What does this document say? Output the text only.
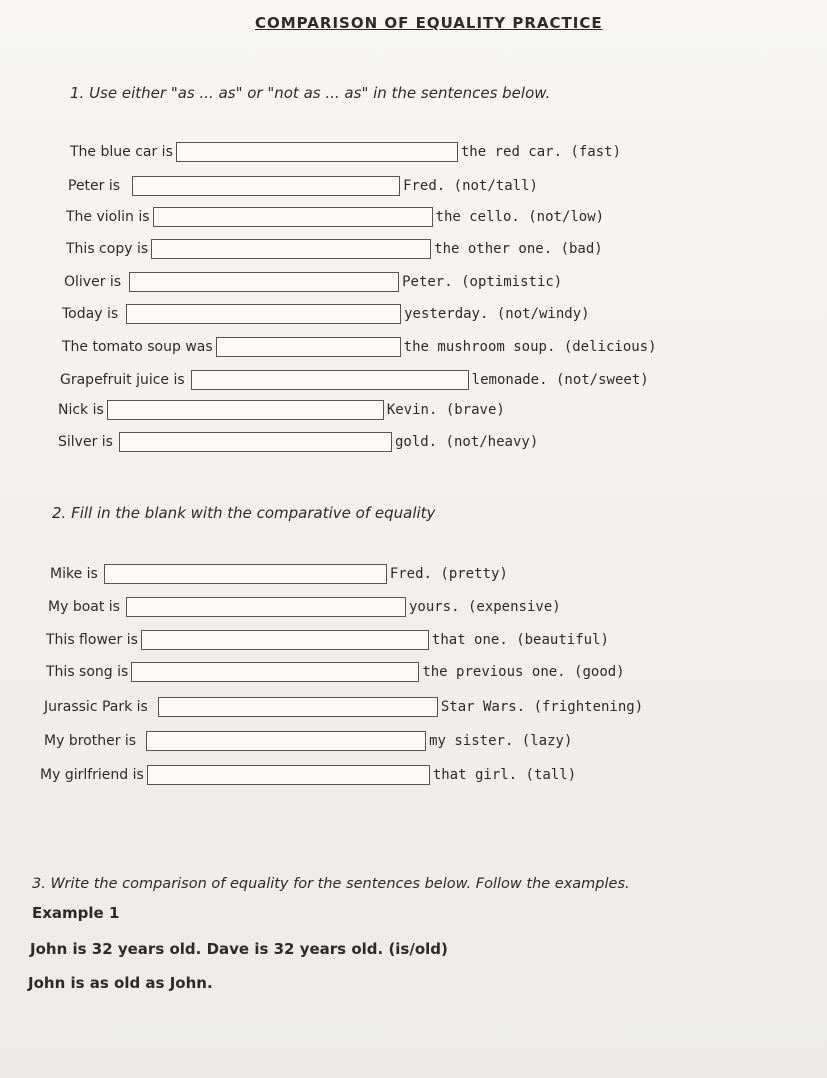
COMPARISON OF EQUALITY PRACTICE
1. Use either "as ... as" or "not as ... as" in the sentences below.
The blue car is	the red car. (fast)
Peter is	Fred. (not/tall)
The violin is	the cello. (not/low)
This copy is	the other one. (bad)
Oliver is	Peter. (optimistic)
Today is	yesterday. (not/windy)
The tomato soup was	the mushroom soup. (delicious)
Grapefruit juice is	lemonade. (not/sweet)
Nick is	Kevin. (brave)
Silver is	gold. (not/heavy)
2. Fill in the blank with the comparative of equality
Mike is	Fred. (pretty)
My boat is	yours. (expensive)
This flower is	that one. (beautiful)
This song is	the previous one. (good)
Jurassic Park is	Star Wars. (frightening)
My brother is	my sister. (lazy)
My girlfriend is	that girl. (tall)
3. Write the comparison of equality for the sentences below. Follow the examples.
Example 1
John is 32 years old. Dave is 32 years old. (is/old)
John is as old as John.
